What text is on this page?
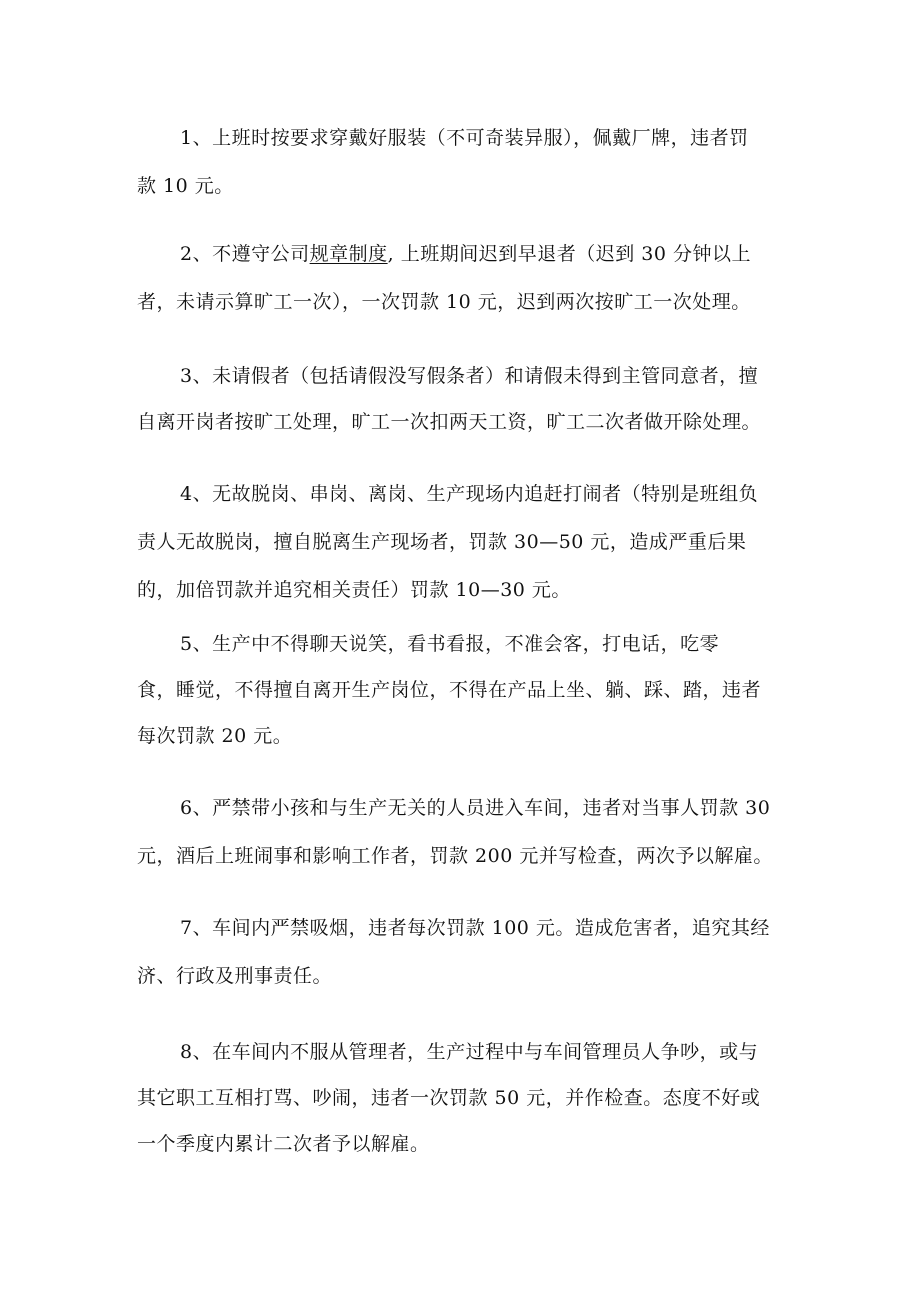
1、上班时按要求穿戴好服装（不可奇装异服），佩戴厂牌，违者罚
款 10 元。
2、不遵守公司规章制度, 上班期间迟到早退者（迟到 30 分钟以上
者，未请示算旷工一次），一次罚款 10 元，迟到两次按旷工一次处理。
3、未请假者（包括请假没写假条者）和请假未得到主管同意者，擅
自离开岗者按旷工处理，旷工一次扣两天工资，旷工二次者做开除处理。
4、无故脱岗、串岗、离岗、生产现场内追赶打闹者（特别是班组负
责人无故脱岗，擅自脱离生产现场者，罚款 30—50 元，造成严重后果
的，加倍罚款并追究相关责任）罚款 10—30 元。
5、生产中不得聊天说笑，看书看报，不准会客，打电话，吃零
食，睡觉，不得擅自离开生产岗位，不得在产品上坐、躺、踩、踏，违者
每次罚款 20 元。
6、严禁带小孩和与生产无关的人员进入车间，违者对当事人罚款 30
元，酒后上班闹事和影响工作者，罚款 200 元并写检查，两次予以解雇。
7、车间内严禁吸烟，违者每次罚款 100 元。造成危害者，追究其经
济、行政及刑事责任。
8、在车间内不服从管理者，生产过程中与车间管理员人争吵，或与
其它职工互相打骂、吵闹，违者一次罚款 50 元，并作检查。态度不好或
一个季度内累计二次者予以解雇。
